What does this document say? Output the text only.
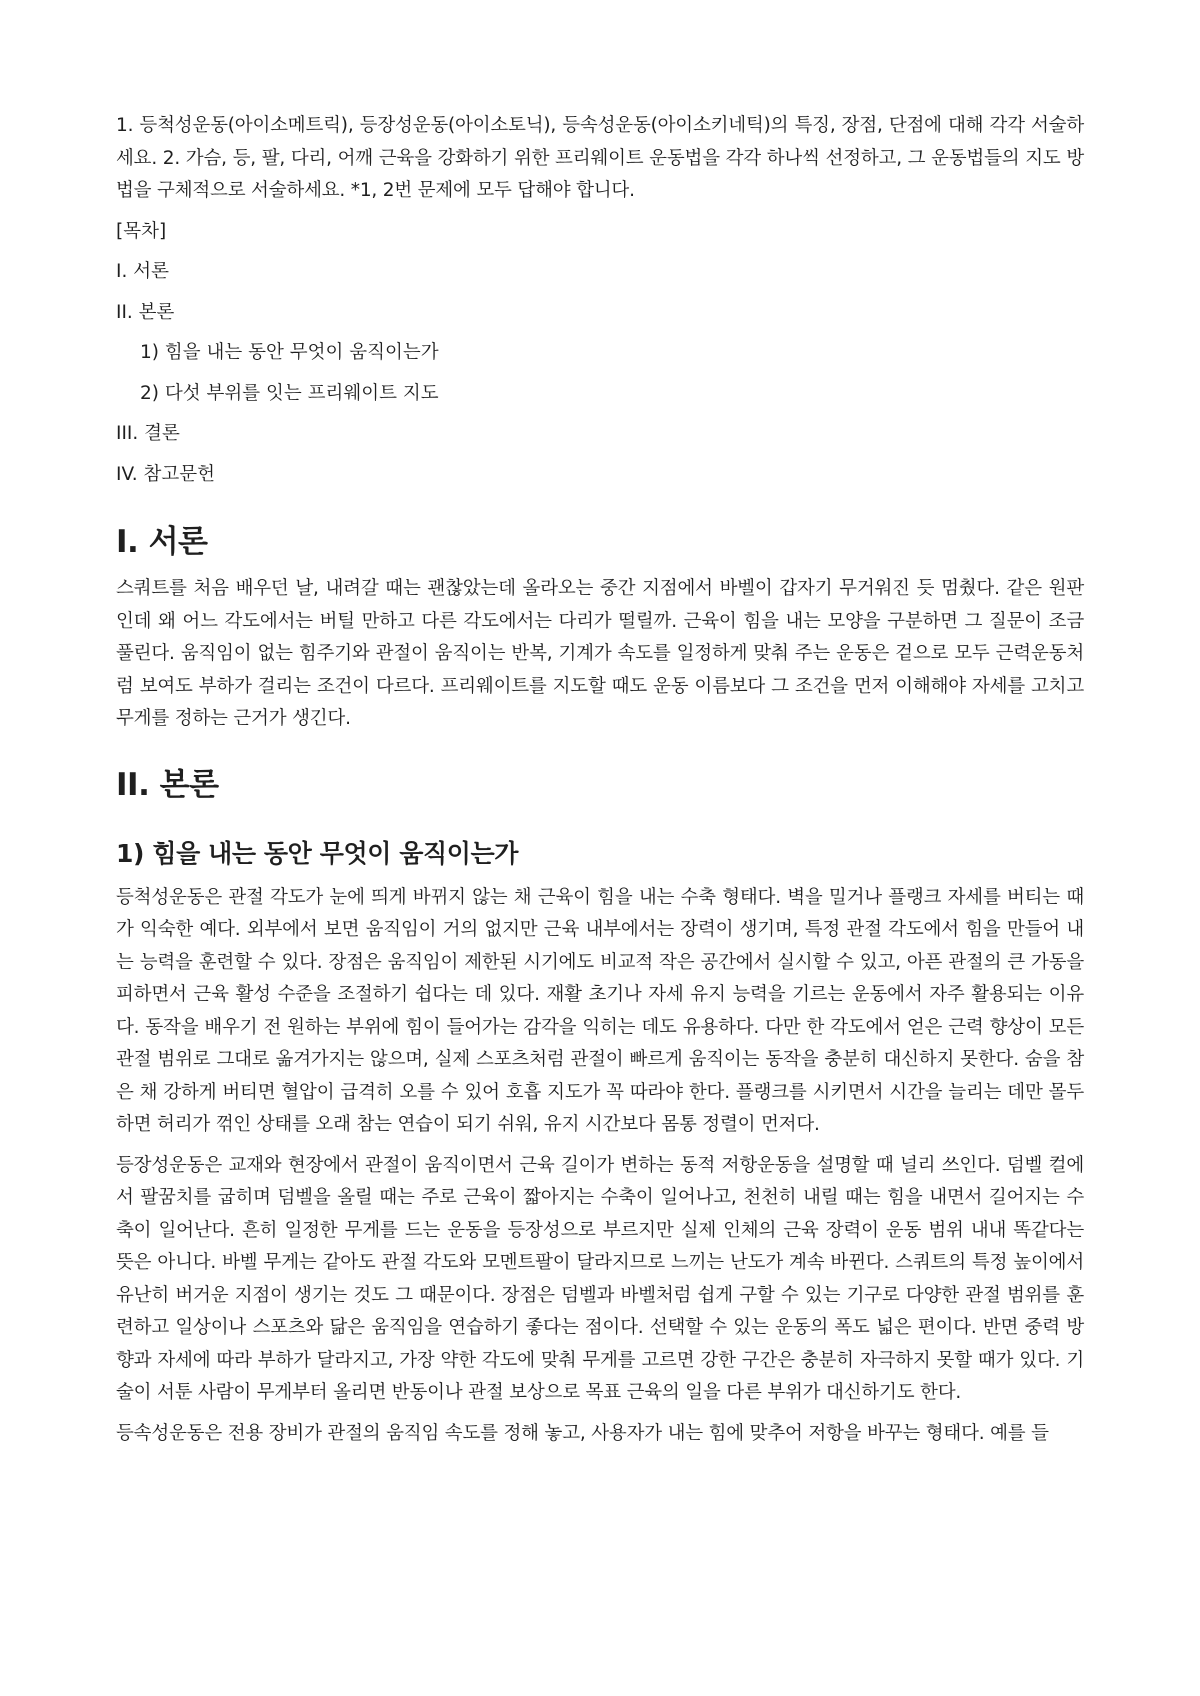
1. 등척성운동(아이소메트릭), 등장성운동(아이소토닉), 등속성운동(아이소키네틱)의 특징, 장점, 단점에 대해 각각 서술하세요. 2. 가슴, 등, 팔, 다리, 어깨 근육을 강화하기 위한 프리웨이트 운동법을 각각 하나씩 선정하고, 그 운동법들의 지도 방법을 구체적으로 서술하세요. *1, 2번 문제에 모두 답해야 합니다.

[목차]
I. 서론
II. 본론
1) 힘을 내는 동안 무엇이 움직이는가
2) 다섯 부위를 잇는 프리웨이트 지도
III. 결론
IV. 참고문헌
I. 서론

스쿼트를 처음 배우던 날, 내려갈 때는 괜찮았는데 올라오는 중간 지점에서 바벨이 갑자기 무거워진 듯 멈췄다. 같은 원판인데 왜 어느 각도에서는 버틸 만하고 다른 각도에서는 다리가 떨릴까. 근육이 힘을 내는 모양을 구분하면 그 질문이 조금 풀린다. 움직임이 없는 힘주기와 관절이 움직이는 반복, 기계가 속도를 일정하게 맞춰 주는 운동은 겉으로 모두 근력운동처럼 보여도 부하가 걸리는 조건이 다르다. 프리웨이트를 지도할 때도 운동 이름보다 그 조건을 먼저 이해해야 자세를 고치고 무게를 정하는 근거가 생긴다.

II. 본론
1) 힘을 내는 동안 무엇이 움직이는가

등척성운동은 관절 각도가 눈에 띄게 바뀌지 않는 채 근육이 힘을 내는 수축 형태다. 벽을 밀거나 플랭크 자세를 버티는 때가 익숙한 예다. 외부에서 보면 움직임이 거의 없지만 근육 내부에서는 장력이 생기며, 특정 관절 각도에서 힘을 만들어 내는 능력을 훈련할 수 있다. 장점은 움직임이 제한된 시기에도 비교적 작은 공간에서 실시할 수 있고, 아픈 관절의 큰 가동을 피하면서 근육 활성 수준을 조절하기 쉽다는 데 있다. 재활 초기나 자세 유지 능력을 기르는 운동에서 자주 활용되는 이유다. 동작을 배우기 전 원하는 부위에 힘이 들어가는 감각을 익히는 데도 유용하다. 다만 한 각도에서 얻은 근력 향상이 모든 관절 범위로 그대로 옮겨가지는 않으며, 실제 스포츠처럼 관절이 빠르게 움직이는 동작을 충분히 대신하지 못한다. 숨을 참은 채 강하게 버티면 혈압이 급격히 오를 수 있어 호흡 지도가 꼭 따라야 한다. 플랭크를 시키면서 시간을 늘리는 데만 몰두하면 허리가 꺾인 상태를 오래 참는 연습이 되기 쉬워, 유지 시간보다 몸통 정렬이 먼저다.

등장성운동은 교재와 현장에서 관절이 움직이면서 근육 길이가 변하는 동적 저항운동을 설명할 때 널리 쓰인다. 덤벨 컬에서 팔꿈치를 굽히며 덤벨을 올릴 때는 주로 근육이 짧아지는 수축이 일어나고, 천천히 내릴 때는 힘을 내면서 길어지는 수축이 일어난다. 흔히 일정한 무게를 드는 운동을 등장성으로 부르지만 실제 인체의 근육 장력이 운동 범위 내내 똑같다는 뜻은 아니다. 바벨 무게는 같아도 관절 각도와 모멘트팔이 달라지므로 느끼는 난도가 계속 바뀐다. 스쿼트의 특정 높이에서 유난히 버거운 지점이 생기는 것도 그 때문이다. 장점은 덤벨과 바벨처럼 쉽게 구할 수 있는 기구로 다양한 관절 범위를 훈련하고 일상이나 스포츠와 닮은 움직임을 연습하기 좋다는 점이다. 선택할 수 있는 운동의 폭도 넓은 편이다. 반면 중력 방향과 자세에 따라 부하가 달라지고, 가장 약한 각도에 맞춰 무게를 고르면 강한 구간은 충분히 자극하지 못할 때가 있다. 기술이 서툰 사람이 무게부터 올리면 반동이나 관절 보상으로 목표 근육의 일을 다른 부위가 대신하기도 한다.

등속성운동은 전용 장비가 관절의 움직임 속도를 정해 놓고, 사용자가 내는 힘에 맞추어 저항을 바꾸는 형태다. 예를 들
